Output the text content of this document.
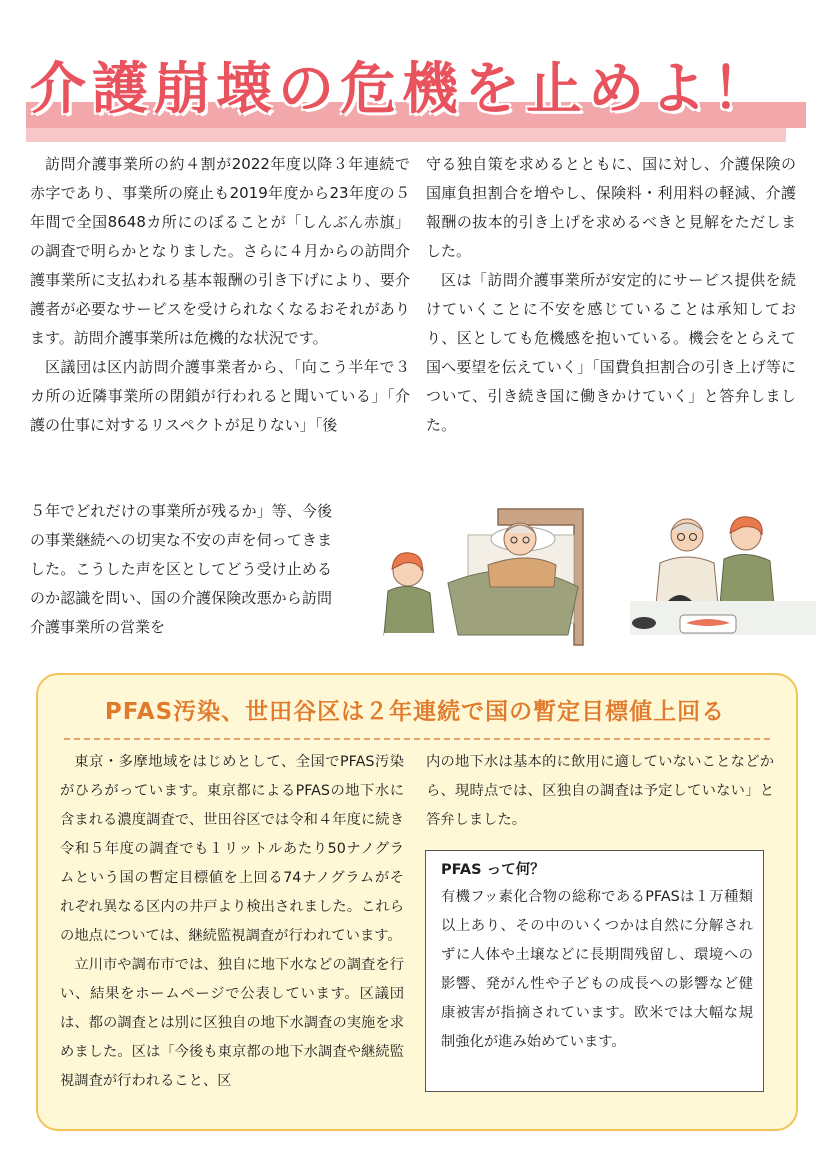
介護崩壊の危機を止めよ！

訪問介護事業所の約４割が2022年度以降３年連続で赤字であり、事業所の廃止も2019年度から23年度の５年間で全国8648カ所にのぼることが「しんぶん赤旗」の調査で明らかとなりました。さらに４月からの訪問介護事業所に支払われる基本報酬の引き下げにより、要介護者が必要なサービスを受けられなくなるおそれがあります。訪問介護事業所は危機的な状況です。

区議団は区内訪問介護事業者から、「向こう半年で３カ所の近隣事業所の閉鎖が行われると聞いている」「介護の仕事に対するリスペクトが足りない」「後

５年でどれだけの事業所が残るか」等、今後の事業継続への切実な不安の声を伺ってきました。こうした声を区としてどう受け止めるのか認識を問い、国の介護保険改悪から訪問介護事業所の営業を

守る独自策を求めるとともに、国に対し、介護保険の国庫負担割合を増やし、保険料・利用料の軽減、介護報酬の抜本的引き上げを求めるべきと見解をただしました。

区は「訪問介護事業所が安定的にサービス提供を続けていくことに不安を感じていることは承知しており、区としても危機感を抱いている。機会をとらえて国へ要望を伝えていく」「国費負担割合の引き上げ等について、引き続き国に働きかけていく」と答弁しました。

PFAS汚染、世田谷区は２年連続で国の暫定目標値上回る

東京・多摩地域をはじめとして、全国でPFAS汚染がひろがっています。東京都によるPFASの地下水に含まれる濃度調査で、世田谷区では令和４年度に続き令和５年度の調査でも１リットルあたり50ナノグラムという国の暫定目標値を上回る74ナノグラムがそれぞれ異なる区内の井戸より検出されました。これらの地点については、継続監視調査が行われています。

立川市や調布市では、独自に地下水などの調査を行い、結果をホームページで公表しています。区議団は、都の調査とは別に区独自の地下水調査の実施を求めました。区は「今後も東京都の地下水調査や継続監視調査が行われること、区

内の地下水は基本的に飲用に適していないことなどから、現時点では、区独自の調査は予定していない」と答弁しました。

PFAS って何？

有機フッ素化合物の総称であるPFASは１万種類以上あり、その中のいくつかは自然に分解されずに人体や土壌などに長期間残留し、環境への影響、発がん性や子どもの成長への影響など健康被害が指摘されています。欧米では大幅な規制強化が進み始めています。
